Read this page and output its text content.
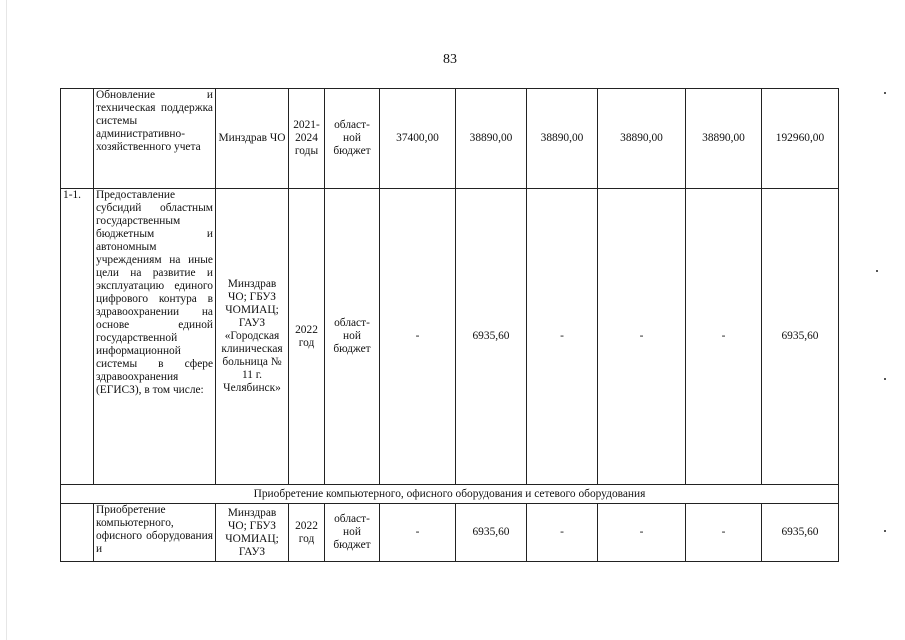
83
	Обновление и техническая поддержка системы административно-хозяйственного учета	Минздрав ЧО	2021-2024 годы	област-ной бюджет	37400,00	38890,00	38890,00	38890,00	38890,00	192960,00
1-1.	Предоставление субсидий областным государственным бюджетным и автономным учреждениям на иные цели на развитие и эксплуатацию единого цифрового контура в здравоохранении на основе единой государственной информационной системы в сфере здравоохранения (ЕГИСЗ), в том числе:	Минздрав ЧО; ГБУЗ ЧОМИАЦ; ГАУЗ «Городская клиническая больница № 11 г. Челябинск»	2022 год	област-ной бюджет	-	6935,60	-	-	-	6935,60
Приобретение компьютерного, офисного оборудования и сетевого оборудования										
	Приобретение компьютерного, офисного оборудования и	Минздрав ЧО; ГБУЗ ЧОМИАЦ; ГАУЗ	2022 год	област-ной бюджет	-	6935,60	-	-	-	6935,60
